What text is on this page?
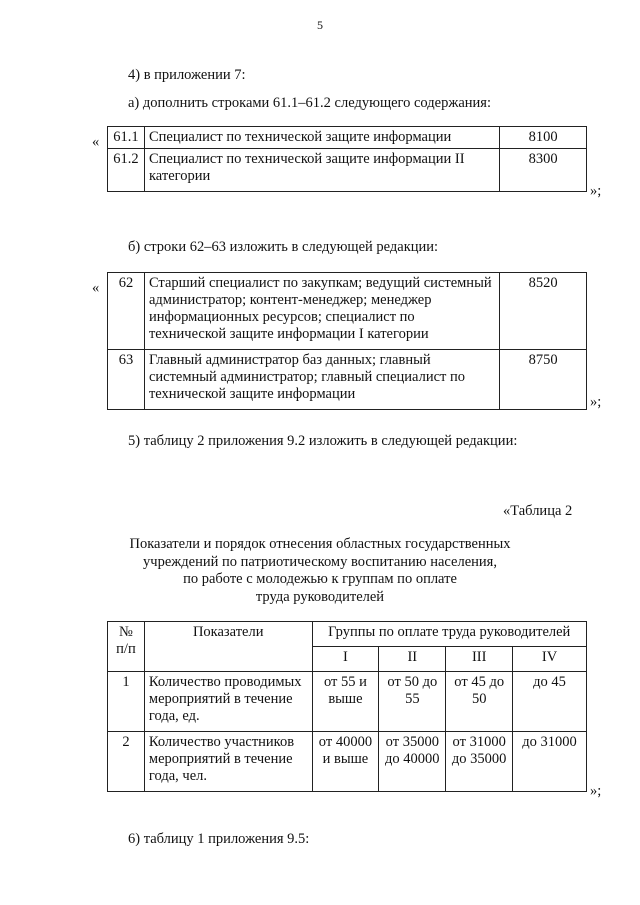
5
4) в приложении 7:
а) дополнить строками 61.1–61.2 следующего содержания:
« 61.1	Специалист по технической защите информации	8100
61.2	Специалист по технической защите информации II категории	8300
»;
б) строки 62–63 изложить в следующей редакции:
« 62	Старший специалист по закупкам; ведущий системный администратор; контент-менеджер; менеджер информационных ресурсов; специалист по технической защите информации I категории	8520
63	Главный администратор баз данных; главный системный администратор; главный специалист по технической защите информации	8750
»;
5) таблицу 2 приложения 9.2 изложить в следующей редакции:
«Таблица 2
Показатели и порядок отнесения областных государственных
учреждений по патриотическому воспитанию населения,
по работе с молодежью к группам по оплате
труда руководителей
№ п/п	Показатели	Группы по оплате труда руководителей			
		I	II	III	IV
1	Количество проводимых мероприятий в течение года, ед.	от 55 и выше	от 50 до 55	от 45 до 50	до 45
2	Количество участников мероприятий в течение года, чел.	от 40000 и выше	от 35000 до 40000	от 31000 до 35000	до 31000
»;
6) таблицу 1 приложения 9.5:
